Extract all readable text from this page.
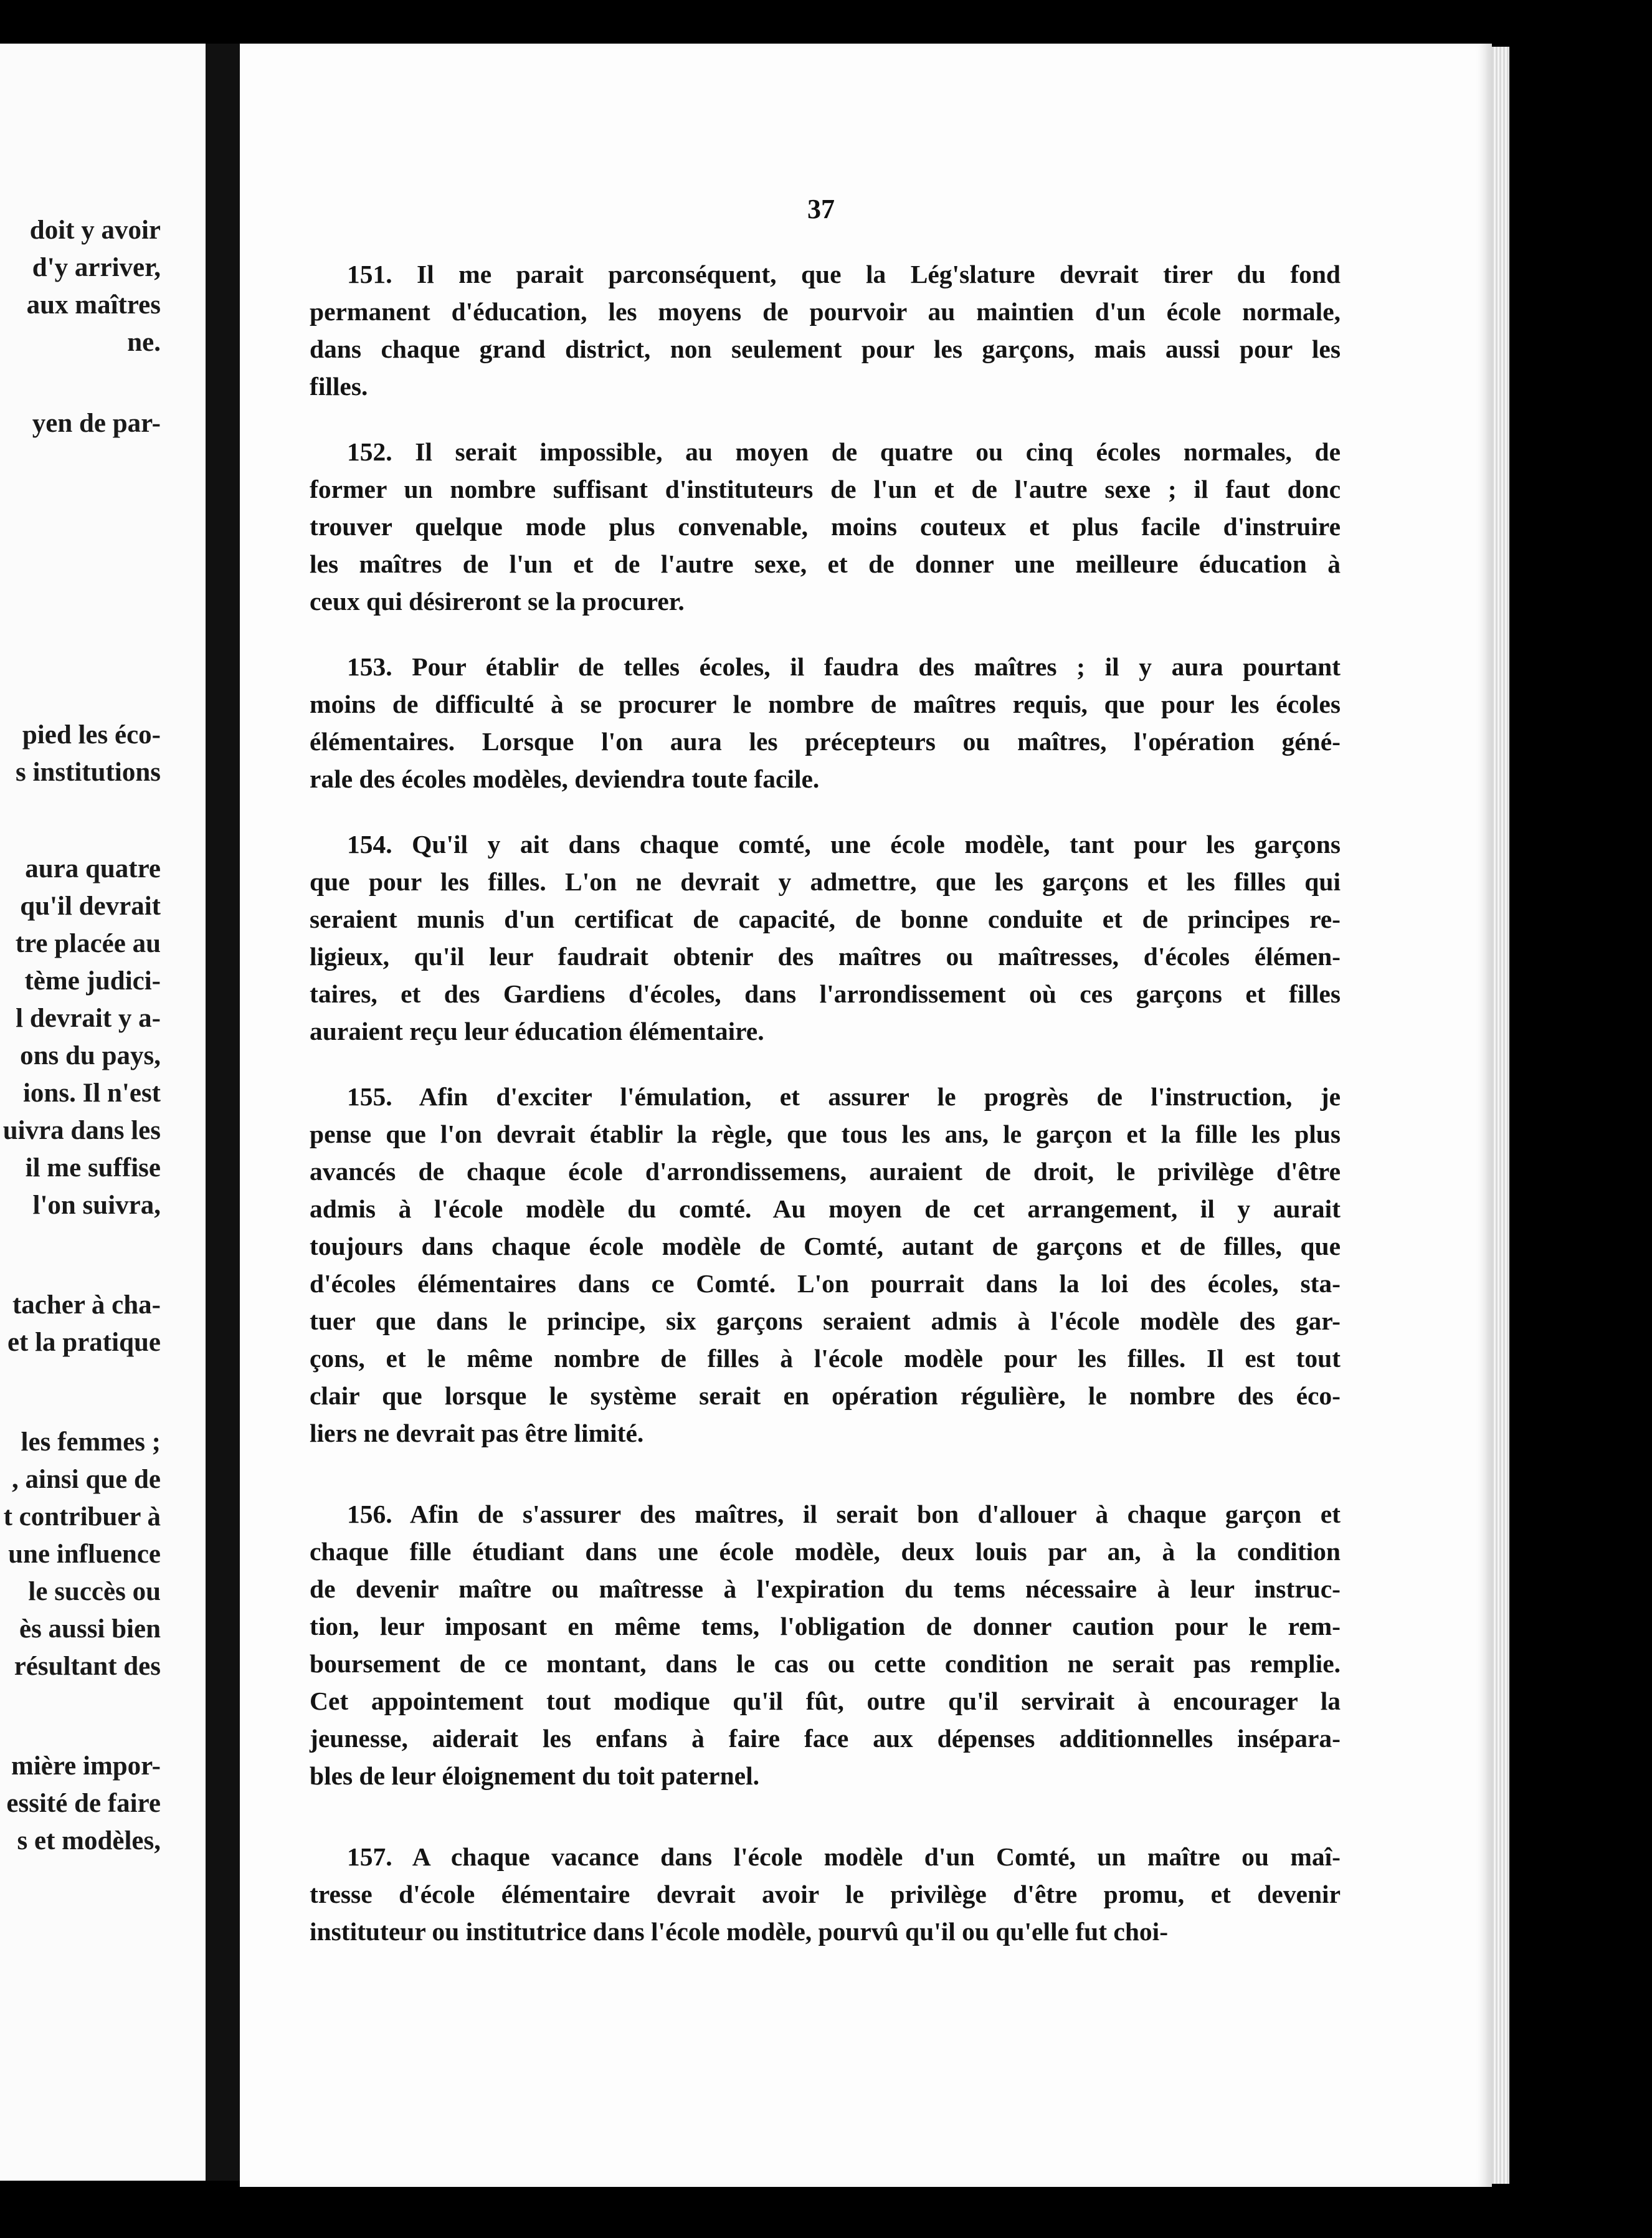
doit y avoir
d'y arriver,
aux maîtres
ne.
yen de par-
pied les éco-
s institutions
aura quatre
qu'il devrait
tre placée au
tème judici-
l devrait y a-
ons du pays,
ions. Il n'est
uivra dans les
il me suffise
l'on suivra,
tacher à cha-
et la pratique
les femmes ;
, ainsi que de
t contribuer à
une influence
le succès ou
ès aussi bien
résultant des
mière impor-
essité de faire
s et modèles,
37
151. Il me parait parconséquent, que la Lég'slature devrait tirer du fond
permanent d'éducation, les moyens de pourvoir au maintien d'un école normale,
dans chaque grand district, non seulement pour les garçons, mais aussi pour les
filles.
152. Il serait impossible, au moyen de quatre ou cinq écoles normales, de
former un nombre suffisant d'instituteurs de l'un et de l'autre sexe ; il faut donc
trouver quelque mode plus convenable, moins couteux et plus facile d'instruire
les maîtres de l'un et de l'autre sexe, et de donner une meilleure éducation à
ceux qui désireront se la procurer.
153. Pour établir de telles écoles, il faudra des maîtres ; il y aura pourtant
moins de difficulté à se procurer le nombre de maîtres requis, que pour les écoles
élémentaires. Lorsque l'on aura les précepteurs ou maîtres, l'opération géné-
rale des écoles modèles, deviendra toute facile.
154. Qu'il y ait dans chaque comté, une école modèle, tant pour les garçons
que pour les filles. L'on ne devrait y admettre, que les garçons et les filles qui
seraient munis d'un certificat de capacité, de bonne conduite et de principes re-
ligieux, qu'il leur faudrait obtenir des maîtres ou maîtresses, d'écoles élémen-
taires, et des Gardiens d'écoles, dans l'arrondissement où ces garçons et filles
auraient reçu leur éducation élémentaire.
155. Afin d'exciter l'émulation, et assurer le progrès de l'instruction, je
pense que l'on devrait établir la règle, que tous les ans, le garçon et la fille les plus
avancés de chaque école d'arrondissemens, auraient de droit, le privilège d'être
admis à l'école modèle du comté. Au moyen de cet arrangement, il y aurait
toujours dans chaque école modèle de Comté, autant de garçons et de filles, que
d'écoles élémentaires dans ce Comté. L'on pourrait dans la loi des écoles, sta-
tuer que dans le principe, six garçons seraient admis à l'école modèle des gar-
çons, et le même nombre de filles à l'école modèle pour les filles. Il est tout
clair que lorsque le système serait en opération régulière, le nombre des éco-
liers ne devrait pas être limité.
156. Afin de s'assurer des maîtres, il serait bon d'allouer à chaque garçon et
chaque fille étudiant dans une école modèle, deux louis par an, à la condition
de devenir maître ou maîtresse à l'expiration du tems nécessaire à leur instruc-
tion, leur imposant en même tems, l'obligation de donner caution pour le rem-
boursement de ce montant, dans le cas ou cette condition ne serait pas remplie.
Cet appointement tout modique qu'il fût, outre qu'il servirait à encourager la
jeunesse, aiderait les enfans à faire face aux dépenses additionnelles insépara-
bles de leur éloignement du toit paternel.
157. A chaque vacance dans l'école modèle d'un Comté, un maître ou maî-
tresse d'école élémentaire devrait avoir le privilège d'être promu, et devenir
instituteur ou institutrice dans l'école modèle, pourvû qu'il ou qu'elle fut choi-
